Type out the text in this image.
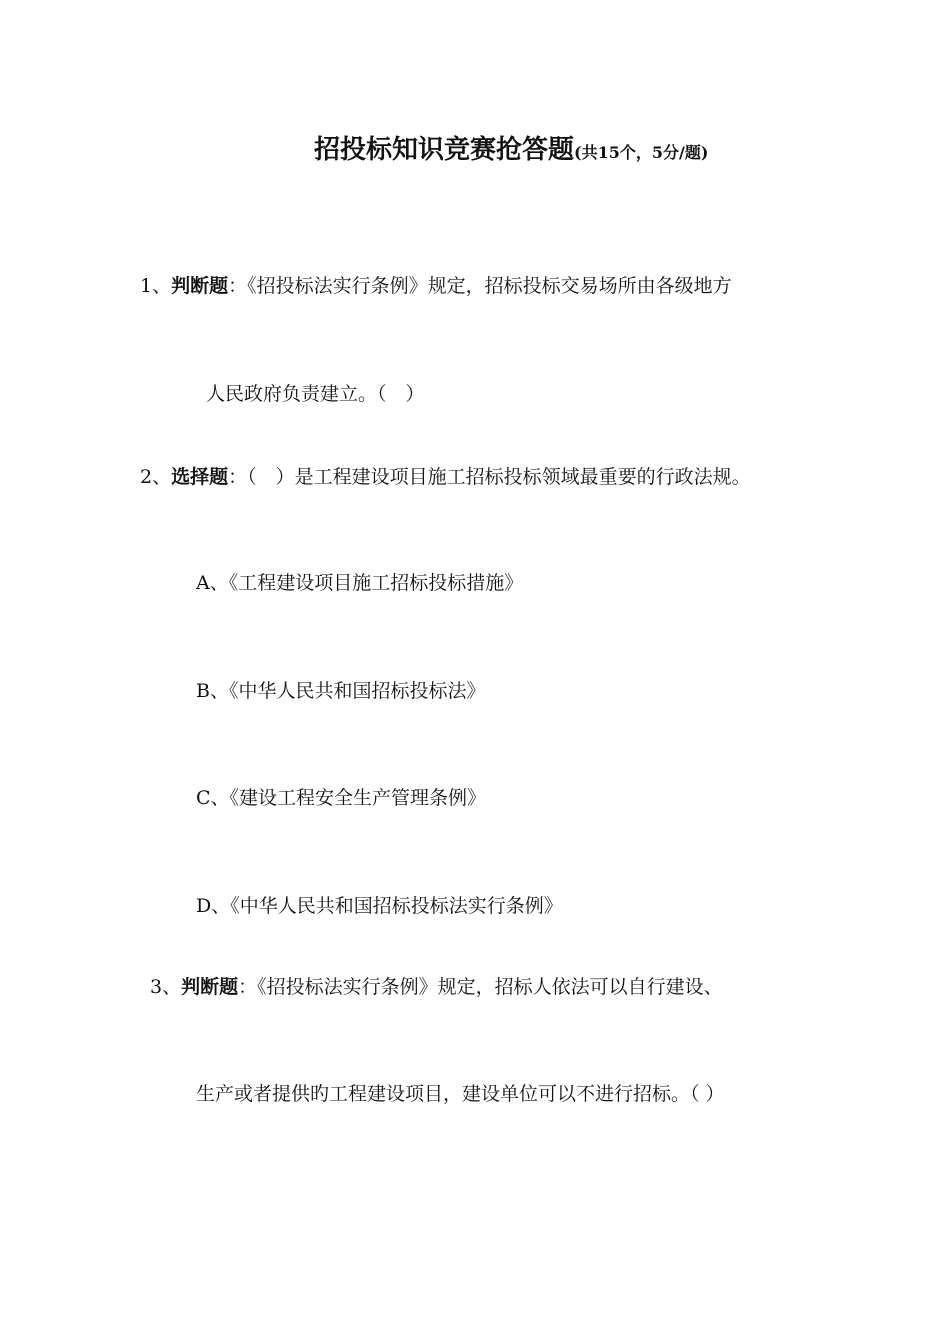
招投标知识竞赛抢答题(共15个，5分/题)
1、判断题：《招投标法实行条例》规定，招标投标交易场所由各级地方
人民政府负责建立。（　）
2、选择题：（　）是工程建设项目施工招标投标领域最重要的行政法规。
A、《工程建设项目施工招标投标措施》
B、《中华人民共和国招标投标法》
C、《建设工程安全生产管理条例》
D、《中华人民共和国招标投标法实行条例》
3、判断题：《招投标法实行条例》规定，招标人依法可以自行建设、
生产或者提供旳工程建设项目，建设单位可以不进行招标。（ ）
